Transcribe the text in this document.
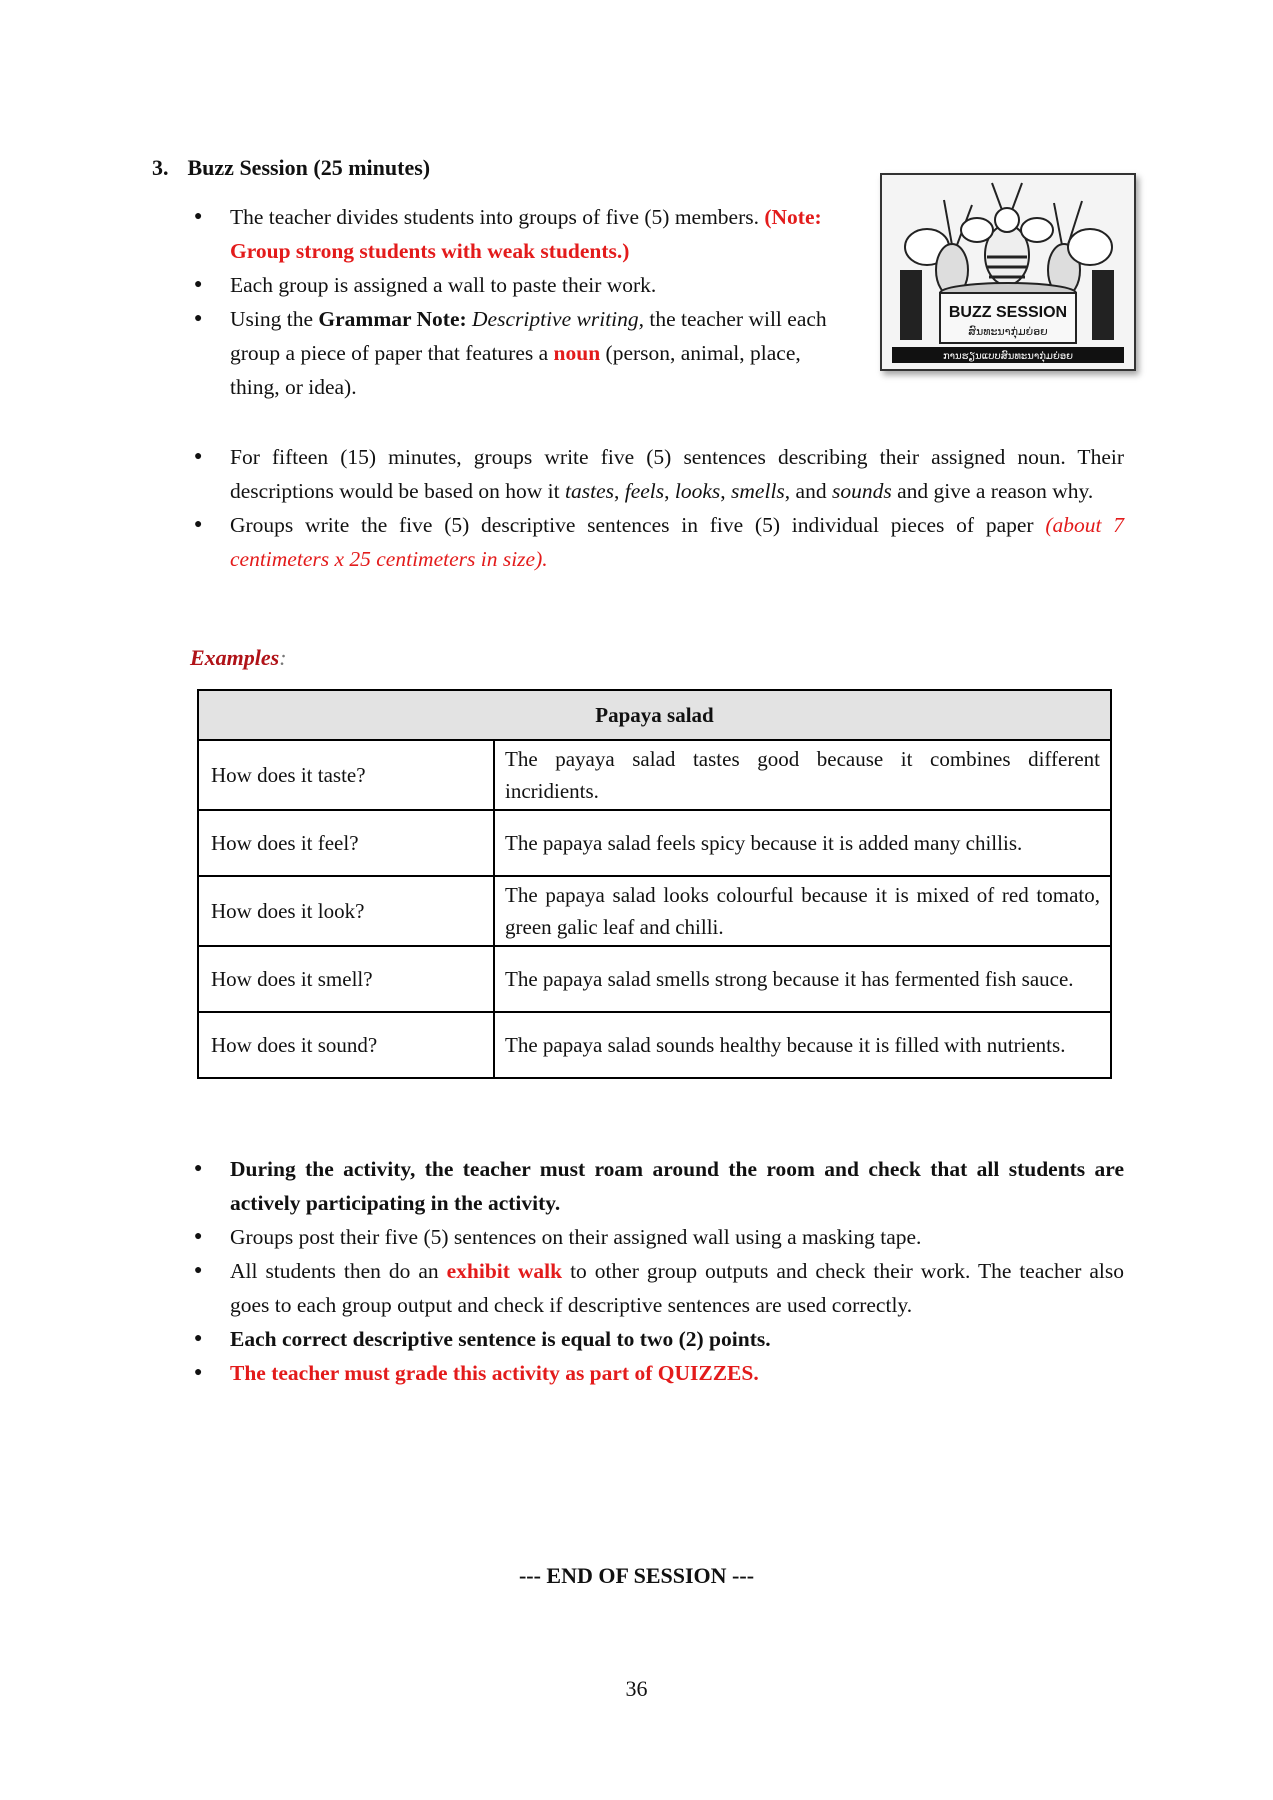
3. Buzz Session (25 minutes)
BUZZ SESSION
ສົນທະນາກຸ່ມຍ່ອຍ
ການຮຽນແບບສົນທະນາກຸ່ມຍ່ອຍ
● The teacher divides students into groups of five (5) members. (Note: Group strong students with weak students.)
● Each group is assigned a wall to paste their work.
● Using the Grammar Note: Descriptive writing, the teacher will each group a piece of paper that features a noun (person, animal, place, thing, or idea).
● For fifteen (15) minutes, groups write five (5) sentences describing their assigned noun. Their descriptions would be based on how it tastes, feels, looks, smells, and sounds and give a reason why.
● Groups write the five (5) descriptive sentences in five (5) individual pieces of paper (about 7 centimeters x 25 centimeters in size).
Examples:
Papaya salad	
How does it taste?	The payaya salad tastes good because it combines different incridients.
How does it feel?	The papaya salad feels spicy because it is added many chillis.
How does it look?	The papaya salad looks colourful because it is mixed of red tomato, green galic leaf and chilli.
How does it smell?	The papaya salad smells strong because it has fermented fish sauce.
How does it sound?	The papaya salad sounds healthy because it is filled with nutrients.
● During the activity, the teacher must roam around the room and check that all students are actively participating in the activity.
● Groups post their five (5) sentences on their assigned wall using a masking tape.
● All students then do an exhibit walk to other group outputs and check their work. The teacher also goes to each group output and check if descriptive sentences are used correctly.
● Each correct descriptive sentence is equal to two (2) points.
● The teacher must grade this activity as part of QUIZZES.
--- END OF SESSION ---
36
